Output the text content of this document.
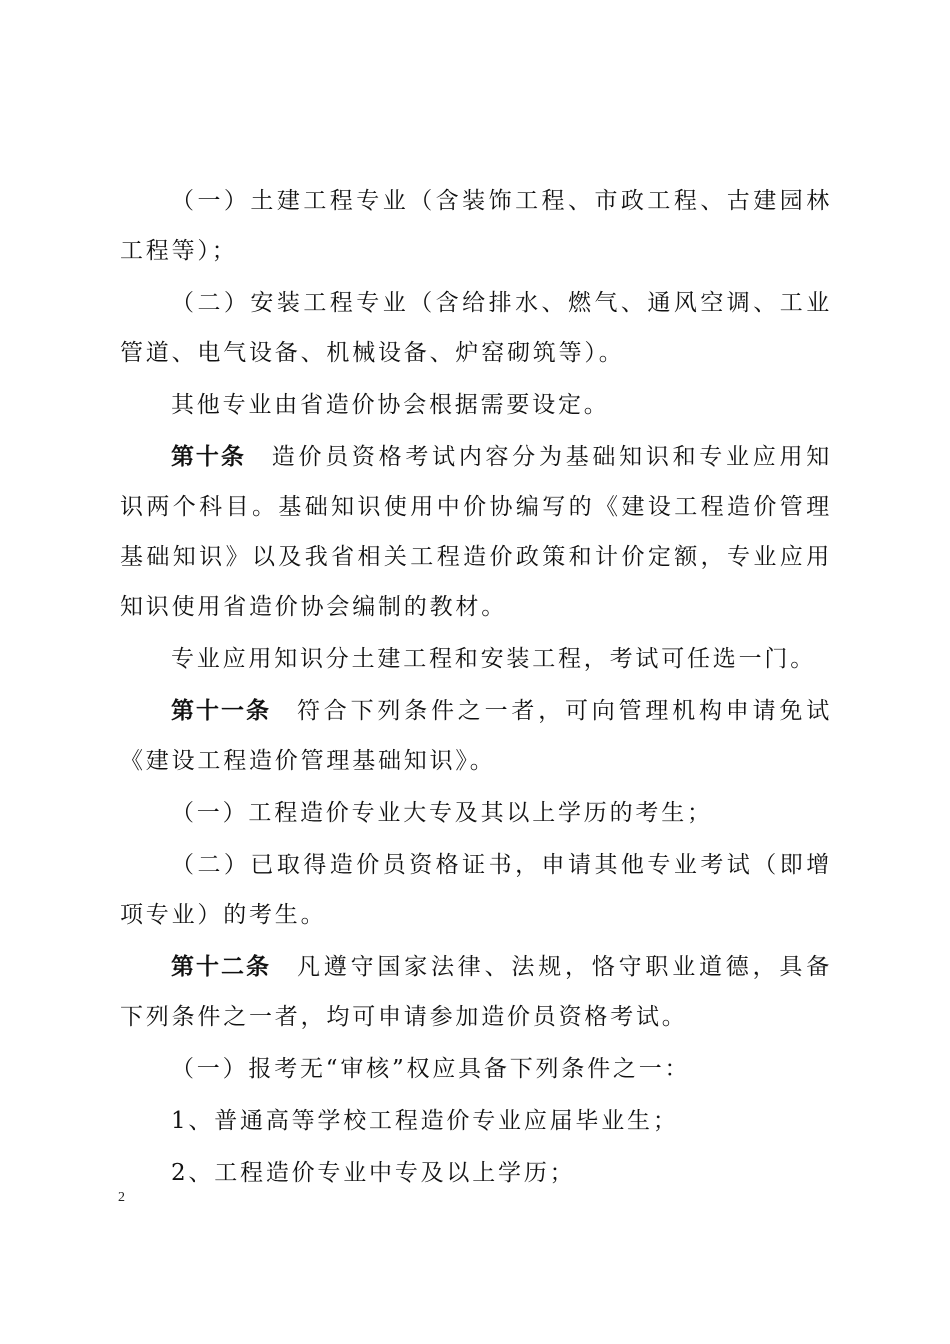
（一）土建工程专业（含装饰工程、市政工程、古建园林工程等）；

（二）安装工程专业（含给排水、燃气、通风空调、工业管道、电气设备、机械设备、炉窑砌筑等）。

其他专业由省造价协会根据需要设定。

第十条 造价员资格考试内容分为基础知识和专业应用知识两个科目。基础知识使用中价协编写的《建设工程造价管理基础知识》以及我省相关工程造价政策和计价定额，专业应用知识使用省造价协会编制的教材。

专业应用知识分土建工程和安装工程，考试可任选一门。

第十一条 符合下列条件之一者，可向管理机构申请免试《建设工程造价管理基础知识》。

（一）工程造价专业大专及其以上学历的考生；

（二）已取得造价员资格证书，申请其他专业考试（即增项专业）的考生。

第十二条 凡遵守国家法律、法规，恪守职业道德，具备下列条件之一者，均可申请参加造价员资格考试。

（一）报考无“审核”权应具备下列条件之一：

1、普通高等学校工程造价专业应届毕业生；

2、工程造价专业中专及以上学历；

2
